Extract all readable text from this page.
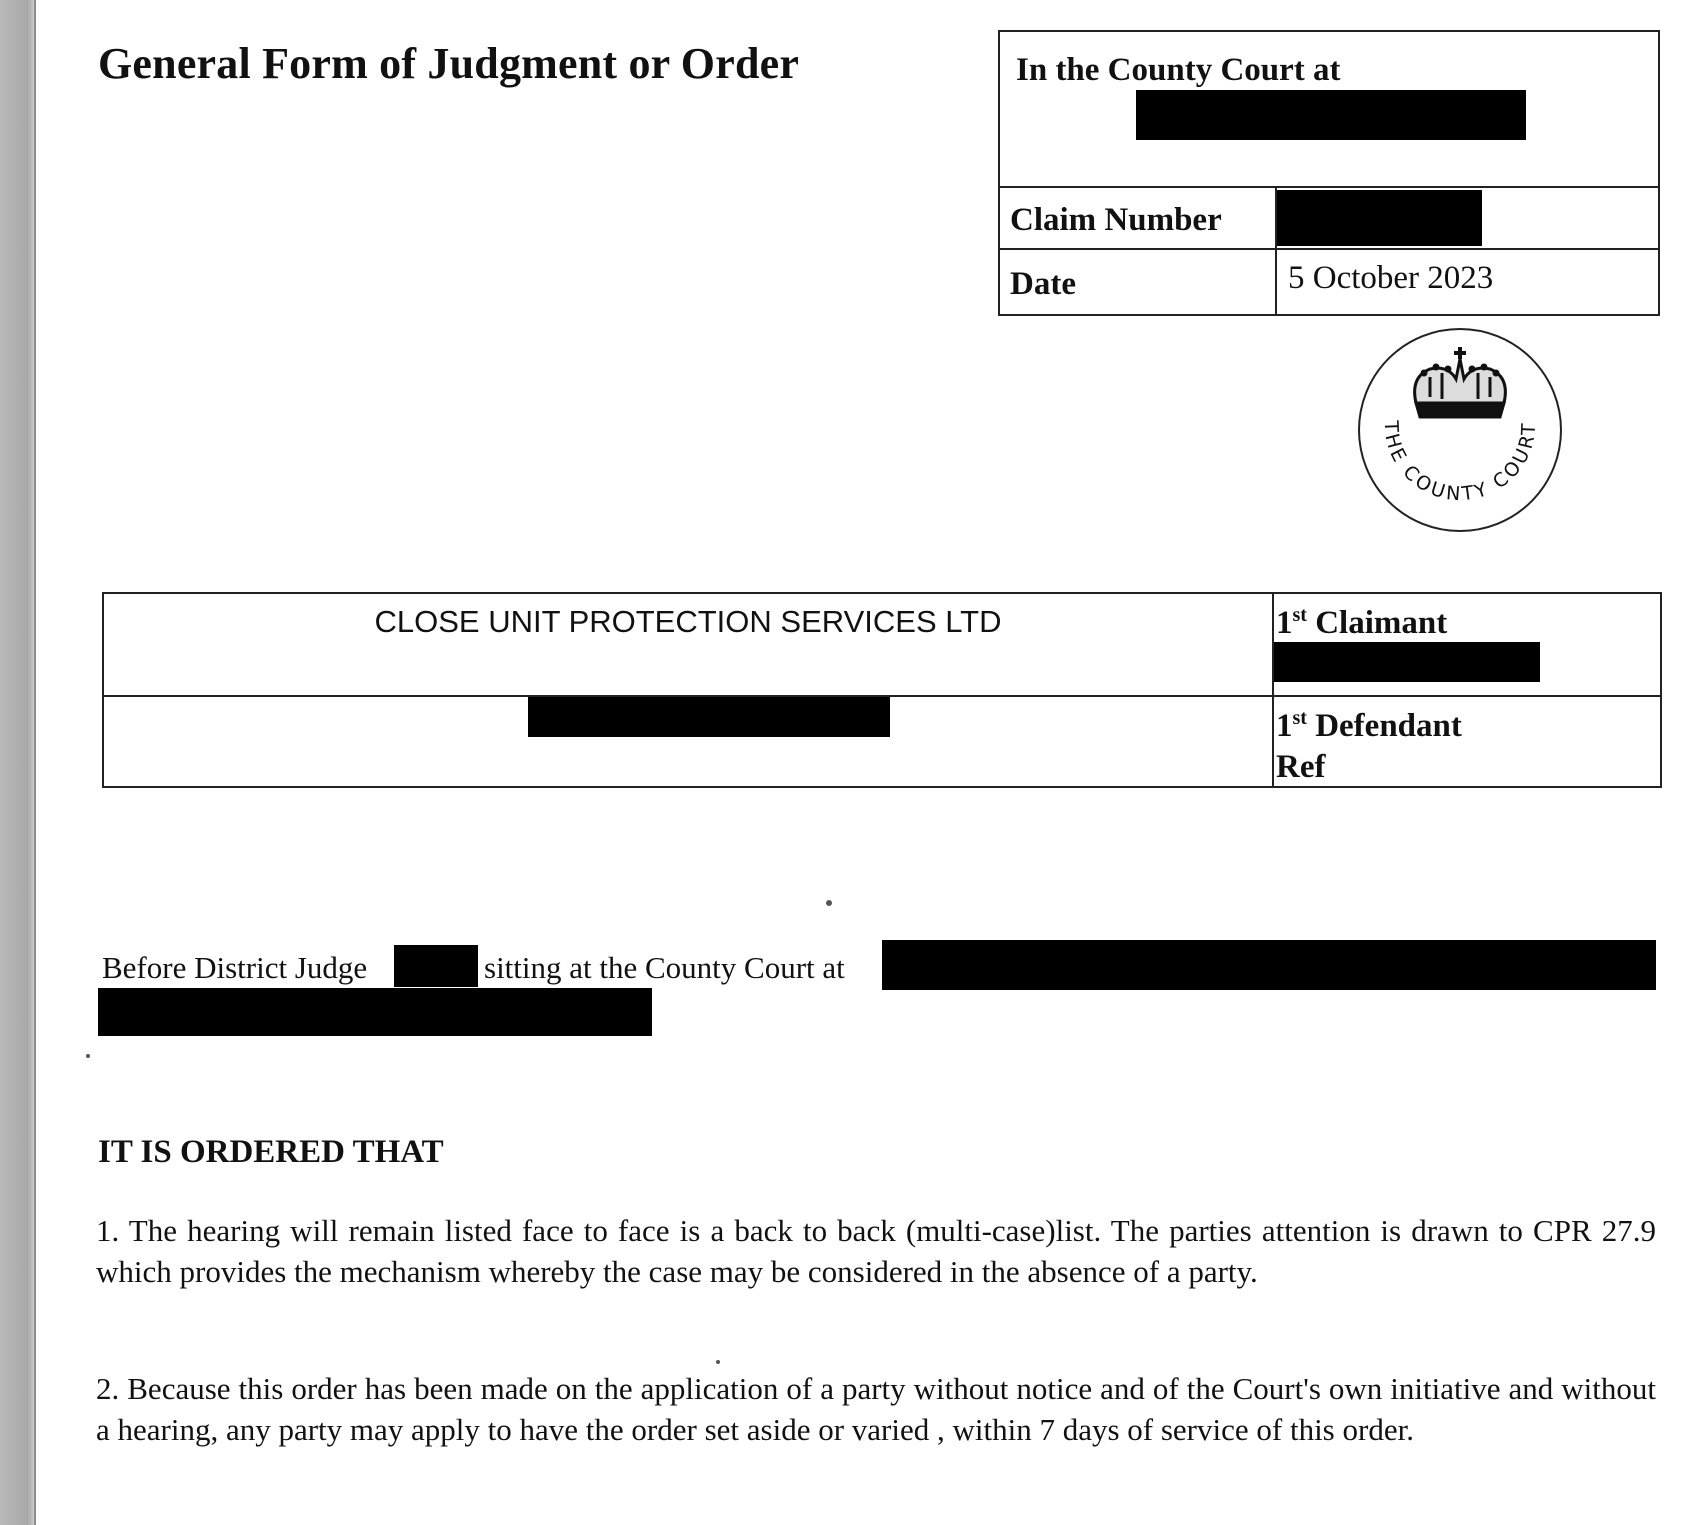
General Form of Judgment or Order	In the County Court at
Claim Number
Date	5 October 2023
THE COUNTY COURT
CLOSE UNIT PROTECTION SERVICES LTD	1st Claimant
1st Defendant
Ref
Before District Judge	sitting at the County Court at
IT IS ORDERED THAT
1. The hearing will remain listed face to face is a back to back (multi-case)list. The parties attention is drawn to CPR 27.9 which provides the mechanism whereby the case may be considered in the absence of a party.
2. Because this order has been made on the application of a party without notice and of the Court's own initiative and without a hearing, any party may apply to have the order set aside or varied , within 7 days of service of this order.
